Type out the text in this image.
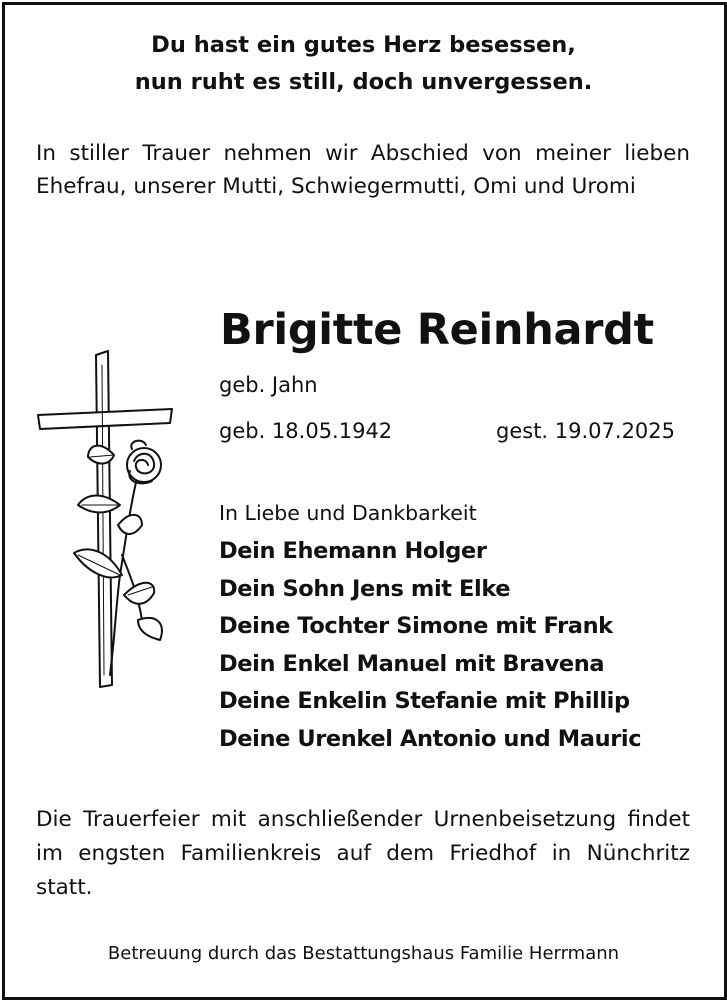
Du hast ein gutes Herz besessen,
nun ruht es still, doch unvergessen.
In stiller Trauer nehmen wir Abschied von meiner lieben Ehefrau, unserer Mutti, Schwiegermutti, Omi und Uromi
Brigitte Reinhardt
geb. Jahn
geb. 18.05.1942	gest. 19.07.2025
In Liebe und Dankbarkeit
Dein Ehemann Holger
Dein Sohn Jens mit Elke
Deine Tochter Simone mit Frank
Dein Enkel Manuel mit Bravena
Deine Enkelin Stefanie mit Phillip
Deine Urenkel Antonio und Mauric
Die Trauerfeier mit anschließender Urnenbeisetzung findet im engsten Familienkreis auf dem Friedhof in Nünchritz statt.
Betreuung durch das Bestattungshaus Familie Herrmann
